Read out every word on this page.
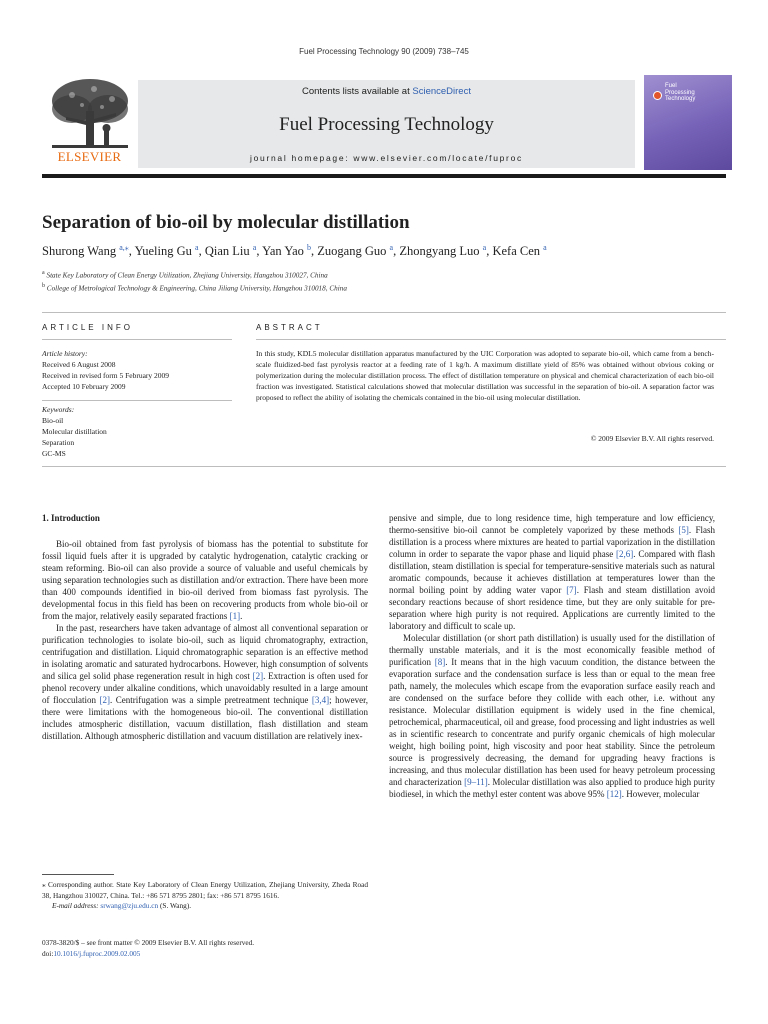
Fuel Processing Technology 90 (2009) 738–745
ELSEVIER
Contents lists available at ScienceDirect
Fuel Processing Technology
journal homepage: www.elsevier.com/locate/fuproc
Fuel
Processing
Technology
Separation of bio-oil by molecular distillation
Shurong Wang $^{a,⁎}$, Yueling Gu $^a$, Qian Liu $^a$, Yan Yao $^b$, Zuogang Guo $^a$, Zhongyang Luo $^a$, Kefa Cen $^a$
$^a$ State Key Laboratory of Clean Energy Utilization, Zhejiang University, Hangzhou 310027, China
$^b$ College of Metrological Technology & Engineering, China Jiliang University, Hangzhou 310018, China
ARTICLE INFO	ABSTRACT
Article history:
Received 6 August 2008
Received in revised form 5 February 2009
Accepted 10 February 2009
Keywords:
Bio-oil
Molecular distillation
Separation
GC-MS
In this study, KDL5 molecular distillation apparatus manufactured by the UIC Corporation was adopted to separate bio-oil, which came from a bench-scale fluidized-bed fast pyrolysis reactor at a feeding rate of 1 kg/h. A maximum distillate yield of 85% was obtained without obvious coking or polymerization during the molecular distillation process. The effect of distillation temperature on physical and chemical characterization of each bio-oil fraction was investigated. Statistical calculations showed that molecular distillation was successful in the separation of bio-oil. A separation factor was proposed to reflect the ability of isolating the chemicals contained in the bio-oil using molecular distillation.
© 2009 Elsevier B.V. All rights reserved.
1. Introduction

Bio-oil obtained from fast pyrolysis of biomass has the potential to substitute for fossil liquid fuels after it is upgraded by catalytic hydrogenation, catalytic cracking or steam reforming. Bio-oil can also provide a source of valuable and useful chemicals by using separation technologies such as distillation and/or extraction. There have been more than 400 compounds identified in bio-oil derived from biomass fast pyrolysis. The developmental focus in this field has been on recovering products from whole bio-oil or from the major, relatively easily separated fractions [1].

In the past, researchers have taken advantage of almost all conventional separation or purification technologies to isolate bio-oil, such as liquid chromatography, extraction, centrifugation and distillation. Liquid chromatographic separation is an effective method in isolating aromatic and saturated hydrocarbons. However, high consumption of solvents and silica gel solid phase regeneration result in high cost [2]. Extraction is often used for phenol recovery under alkaline conditions, which unavoidably resulted in a large amount of flocculation [2]. Centrifugation was a simple pretreatment technique [3,4]; however, there were limitations with the homogeneous bio-oil. The conventional distillation includes atmospheric distillation, vacuum distillation, flash distillation and steam distillation. Although atmospheric distillation and vacuum distillation are relatively inex-

pensive and simple, due to long residence time, high temperature and low efficiency, thermo-sensitive bio-oil cannot be completely vaporized by these methods [5]. Flash distillation is a process where mixtures are heated to partial vaporization in the distillation column in order to separate the vapor phase and liquid phase [2,6]. Compared with flash distillation, steam distillation is special for temperature-sensitive materials such as natural aromatic compounds, because it achieves distillation at temperatures lower than the normal boiling point by adding water vapor [7]. Flash and steam distillation avoid secondary reactions because of short residence time, but they are only suitable for pre-separation where high purity is not required. Applications are currently limited to the laboratory and difficult to scale up.

Molecular distillation (or short path distillation) is usually used for the distillation of thermally unstable materials, and it is the most economically feasible method of purification [8]. It means that in the high vacuum condition, the distance between the evaporation surface and the condensation surface is less than or equal to the mean free path, namely, the molecules which escape from the evaporation surface easily reach and are condensed on the surface before they collide with each other, i.e. without any resistance. Molecular distillation equipment is widely used in the fine chemical, petrochemical, pharmaceutical, oil and grease, food processing and light industries as well as in scientific research to concentrate and purify organic chemicals of high molecular weight, high boiling point, high viscosity and poor heat stability. Since the petroleum source is progressively decreasing, the demand for upgrading heavy fractions is increasing, and thus molecular distillation has been used for heavy petroleum processing and characterization [9–11]. Molecular distillation was also applied to produce high purity biodiesel, in which the methyl ester content was above 95% [12]. However, molecular

⁎ Corresponding author. State Key Laboratory of Clean Energy Utilization, Zhejiang University, Zheda Road 38, Hangzhou 310027, China. Tel.: +86 571 8795 2801; fax: +86 571 8795 1616.
E-mail address: srwang@zju.edu.cn (S. Wang).
0378-3820/$ – see front matter © 2009 Elsevier B.V. All rights reserved.
doi:10.1016/j.fuproc.2009.02.005
